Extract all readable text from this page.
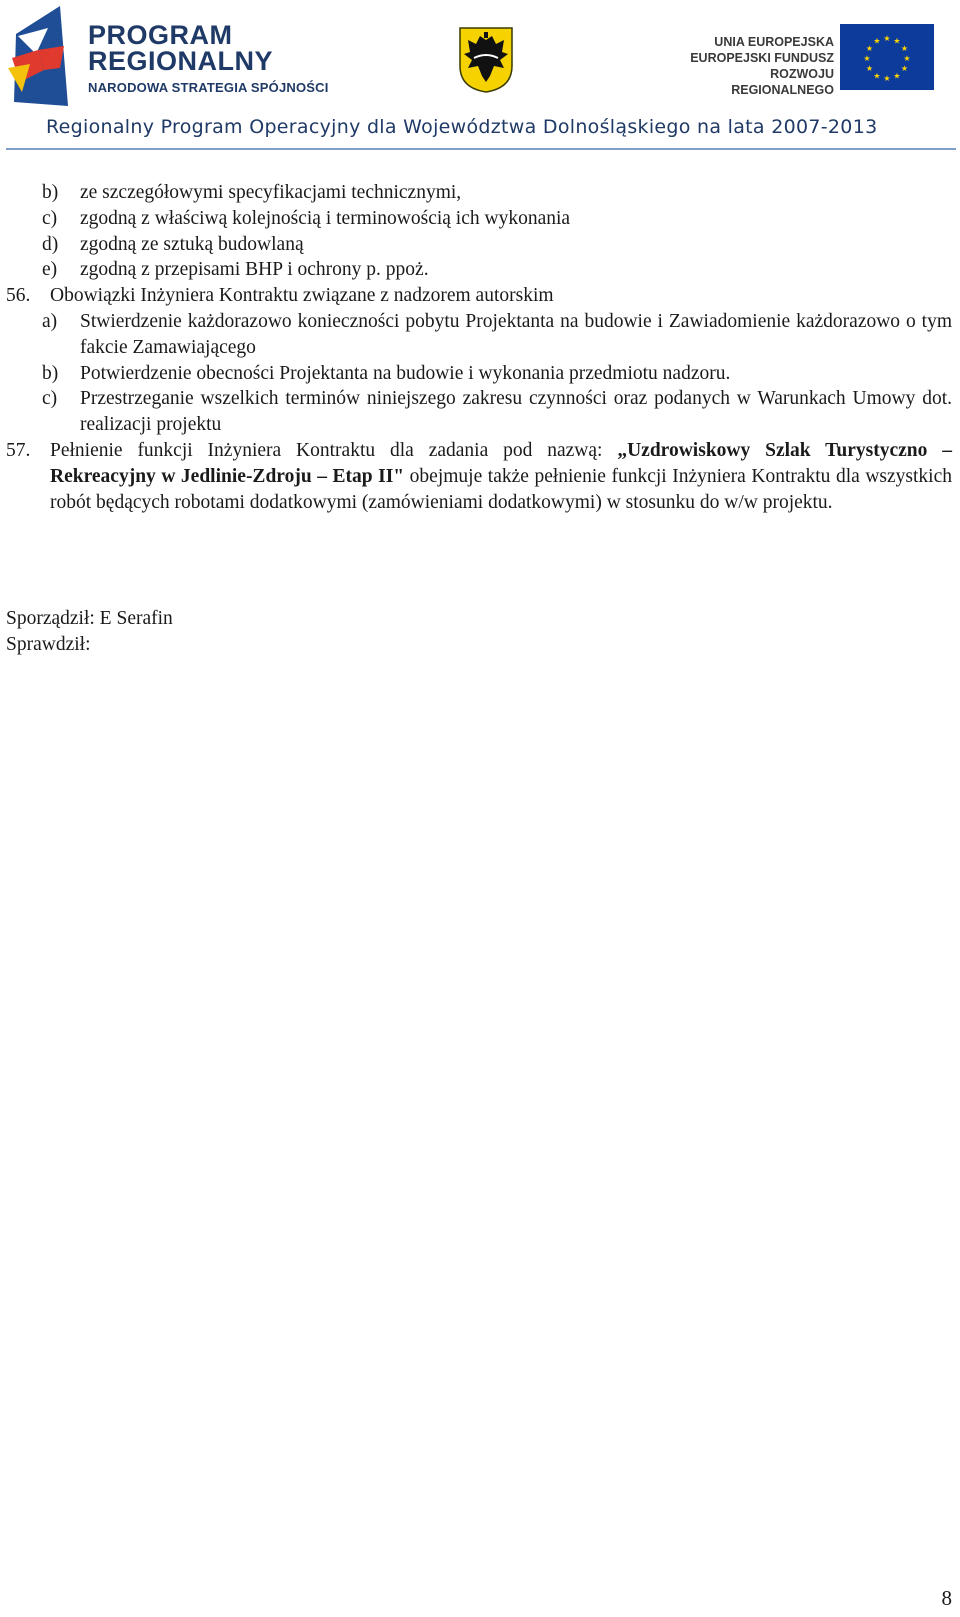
PROGRAM
REGIONALNY
NARODOWA STRATEGIA SPÓJNOŚCI
UNIA EUROPEJSKA
EUROPEJSKI FUNDUSZ
ROZWOJU REGIONALNEGO
★ ★
★
★
★
★
★
★
★
★
★
★
Regionalny Program Operacyjny dla Województwa Dolnośląskiego na lata 2007-2013
b) ze szczegółowymi specyfikacjami technicznymi,
c) zgodną z właściwą kolejnością i terminowością ich wykonania
d) zgodną ze sztuką budowlaną
e) zgodną z przepisami BHP i ochrony p. ppoż.
56. Obowiązki Inżyniera Kontraktu związane z nadzorem autorskim
a) Stwierdzenie każdorazowo konieczności pobytu Projektanta na budowie i Zawiadomienie każdorazowo o tym fakcie Zamawiającego
b) Potwierdzenie obecności Projektanta na budowie i wykonania przedmiotu nadzoru.
c) Przestrzeganie wszelkich terminów niniejszego zakresu czynności oraz podanych w Warunkach Umowy dot. realizacji projektu
57. Pełnienie funkcji Inżyniera Kontraktu dla zadania pod nazwą: „Uzdrowiskowy Szlak Turystyczno – Rekreacyjny w Jedlinie-Zdroju – Etap II" obejmuje także pełnienie funkcji Inżyniera Kontraktu dla wszystkich robót będących robotami dodatkowymi (zamówieniami dodatkowymi) w stosunku do w/w projektu.
Sporządził: E Serafin
Sprawdził:
8
